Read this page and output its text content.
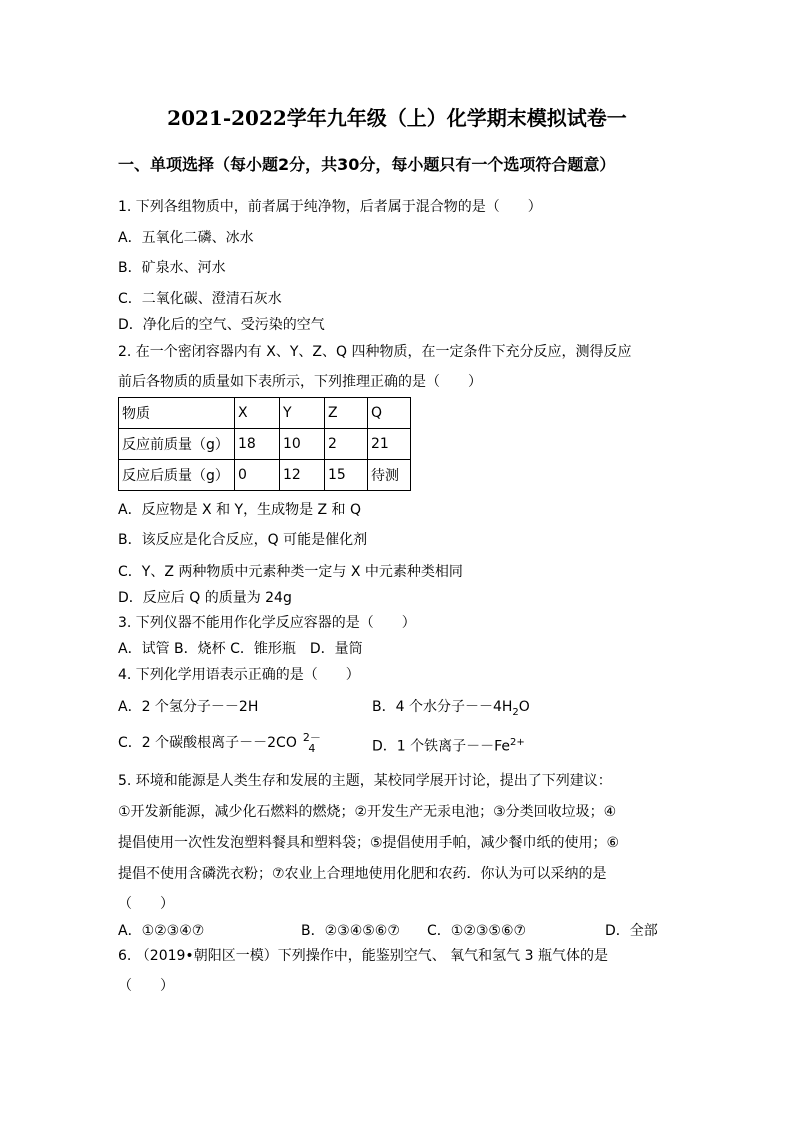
2021-2022学年九年级（上）化学期末模拟试卷一
一、单项选择（每小题2分，共30分，每小题只有一个选项符合题意）
1. 下列各组物质中，前者属于纯净物，后者属于混合物的是（　　）
A．五氧化二磷、冰水
B．矿泉水、河水
C．二氧化碳、澄清石灰水
D．净化后的空气、受污染的空气
2. 在一个密闭容器内有 X、Y、Z、Q 四种物质，在一定条件下充分反应，测得反应
前后各物质的质量如下表所示，下列推理正确的是（　　）
物质	X	Y	Z	Q
反应前质量（g）	18	10	2	21
反应后质量（g）	0	12	15	待测
A．反应物是 X 和 Y，生成物是 Z 和 Q
B．该反应是化合反应，Q 可能是催化剂
C．Y、Z 两种物质中元素种类一定与 X 中元素种类相同
D．反应后 Q 的质量为 24g
3. 下列仪器不能用作化学反应容器的是（　　）
A．试管 B．烧杯 C．锥形瓶　D．量筒
4. 下列化学用语表示正确的是（　　）
A．2 个氢分子－－2H	B．4 个水分子$--4H_2O$
C．2 个碳酸根离子－－2CO 2－
4	D．1 个铁离子$--Fe^{2+}$
5. 环境和能源是人类生存和发展的主题，某校同学展开讨论，提出了下列建议：
①开发新能源，减少化石燃料的燃烧；②开发生产无汞电池；③分类回收垃圾；④
提倡使用一次性发泡塑料餐具和塑料袋；⑤提倡使用手帕，减少餐巾纸的使用；⑥
提倡不使用含磷洗衣粉；⑦农业上合理地使用化肥和农药．你认为可以采纳的是
（　　）
A．①②③④⑦	B．②③④⑤⑥⑦ C．①②③⑤⑥⑦	D．全部
6. （2019•朝阳区一模）下列操作中，能鉴别空气、 氧气和氢气 3 瓶气体的是
（　　）
